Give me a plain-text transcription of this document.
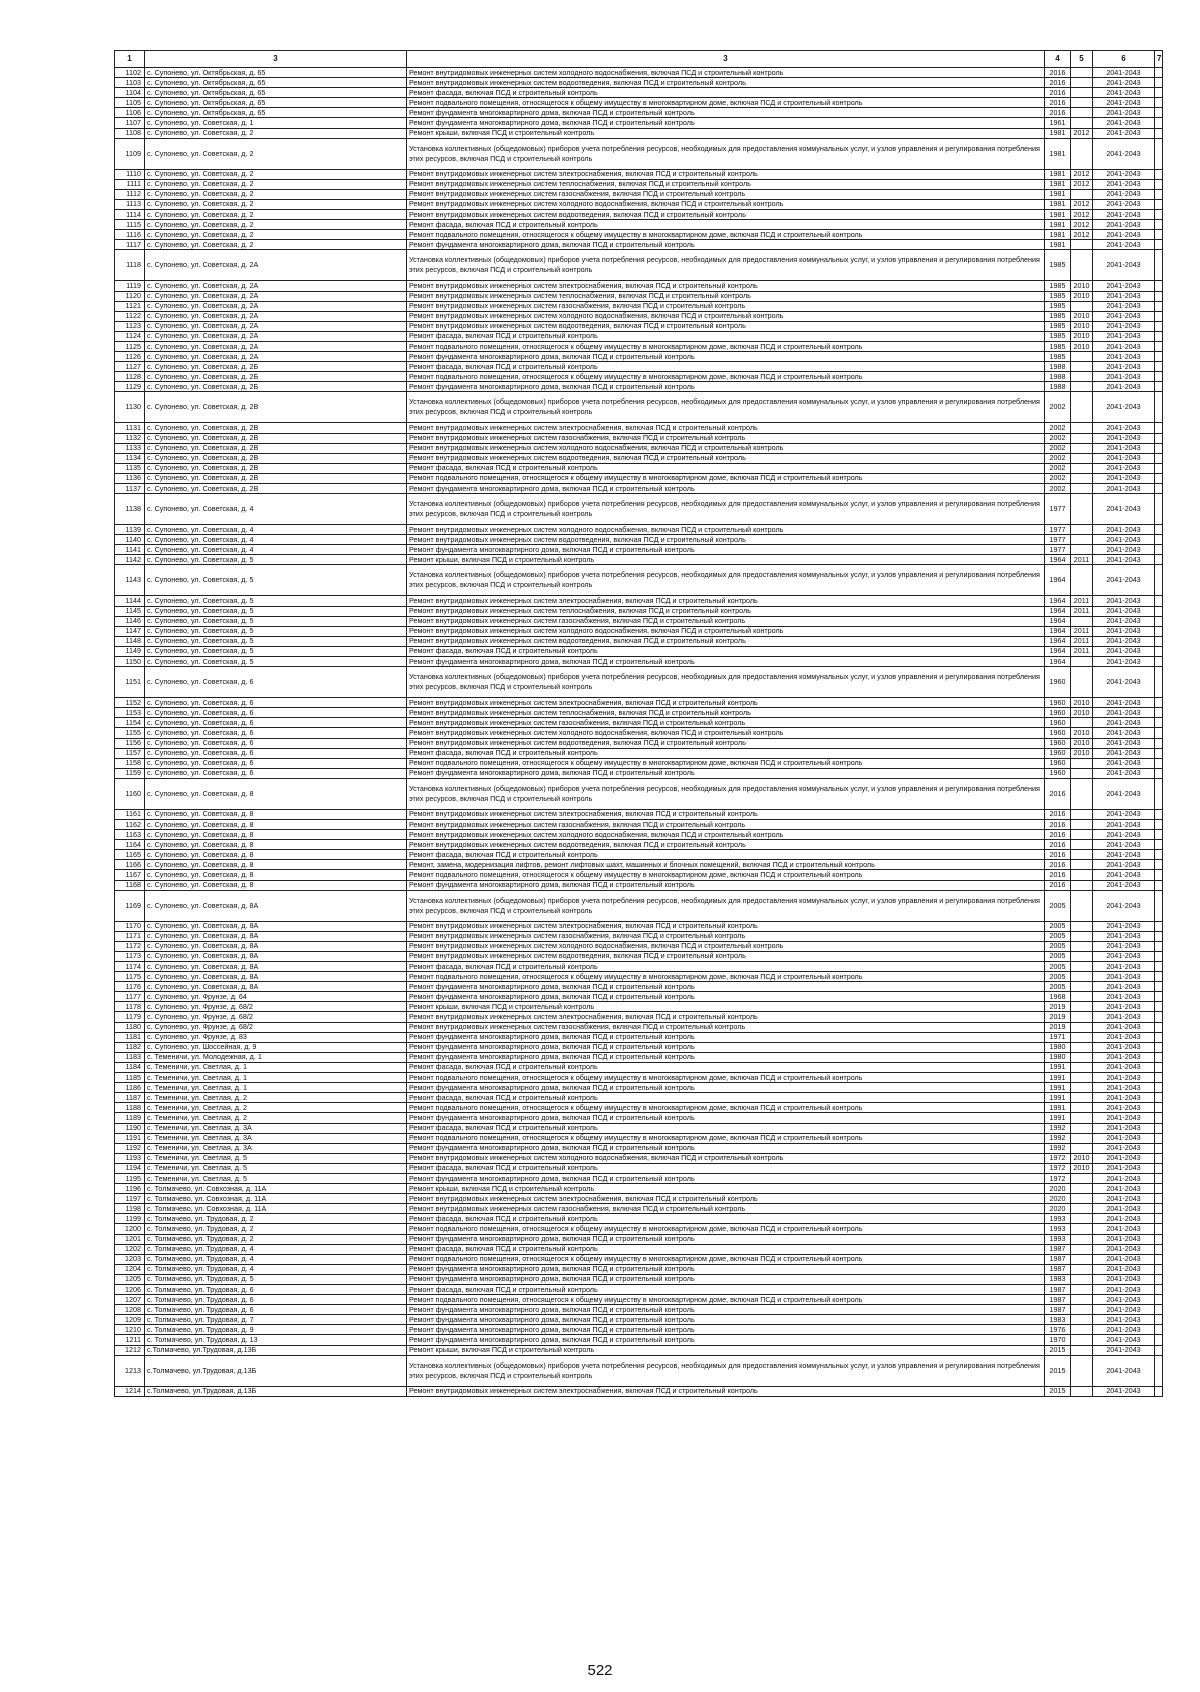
1	3	3	4	5	6	7
1102	с. Супонево, ул. Октябрьская, д. 65	Ремонт внутридомовых инженерных систем холодного водоснабжения, включая ПСД и строительный контроль	2016		2041-2043	
1103	с. Супонево, ул. Октябрьская, д. 65	Ремонт внутридомовых инженерных систем водоотведения, включая ПСД и строительный контроль	2016		2041-2043	
1104	с. Супонево, ул. Октябрьская, д. 65	Ремонт фасада, включая ПСД и строительный контроль	2016		2041-2043	
1105	с. Супонево, ул. Октябрьская, д. 65	Ремонт подвального помещения, относящегося к общему имуществу в многоквартирном доме, включая ПСД и строительный контроль	2016		2041-2043	
1106	с. Супонево, ул. Октябрьская, д. 65	Ремонт фундамента многоквартирного дома, включая ПСД и строительный контроль	2016		2041-2043	
1107	с. Супонево, ул. Советская, д. 1	Ремонт фундамента многоквартирного дома, включая ПСД и строительный контроль	1961		2041-2043	
1108	с. Супонево, ул. Советская, д. 2	Ремонт крыши, включая ПСД и строительный контроль	1981	2012	2041-2043	
1109	с. Супонево, ул. Советская, д. 2	Установка коллективных (общедомовых) приборов учета потребления ресурсов, необходимых для предоставления коммунальных услуг, и узлов управления и регулирования потребления этих ресурсов, включая ПСД и строительный контроль	1981		2041-2043	
1110	с. Супонево, ул. Советская, д. 2	Ремонт внутридомовых инженерных систем электроснабжения, включая ПСД и строительный контроль	1981	2012	2041-2043	
1111	с. Супонево, ул. Советская, д. 2	Ремонт внутридомовых инженерных систем теплоснабжения, включая ПСД и строительный контроль	1981	2012	2041-2043	
1112	с. Супонево, ул. Советская, д. 2	Ремонт внутридомовых инженерных систем газоснабжения, включая ПСД и строительный контроль	1981		2041-2043	
1113	с. Супонево, ул. Советская, д. 2	Ремонт внутридомовых инженерных систем холодного водоснабжения, включая ПСД и строительный контроль	1981	2012	2041-2043	
1114	с. Супонево, ул. Советская, д. 2	Ремонт внутридомовых инженерных систем водоотведения, включая ПСД и строительный контроль	1981	2012	2041-2043	
1115	с. Супонево, ул. Советская, д. 2	Ремонт фасада, включая ПСД и строительный контроль	1981	2012	2041-2043	
1116	с. Супонево, ул. Советская, д. 2	Ремонт подвального помещения, относящегося к общему имуществу в многоквартирном доме, включая ПСД и строительный контроль	1981	2012	2041-2043	
1117	с. Супонево, ул. Советская, д. 2	Ремонт фундамента многоквартирного дома, включая ПСД и строительный контроль	1981		2041-2043	
1118	с. Супонево, ул. Советская, д. 2А	Установка коллективных (общедомовых) приборов учета потребления ресурсов, необходимых для предоставления коммунальных услуг, и узлов управления и регулирования потребления этих ресурсов, включая ПСД и строительный контроль	1985		2041-2043	
1119	с. Супонево, ул. Советская, д. 2А	Ремонт внутридомовых инженерных систем электроснабжения, включая ПСД и строительный контроль	1985	2010	2041-2043	
1120	с. Супонево, ул. Советская, д. 2А	Ремонт внутридомовых инженерных систем теплоснабжения, включая ПСД и строительный контроль	1985	2010	2041-2043	
1121	с. Супонево, ул. Советская, д. 2А	Ремонт внутридомовых инженерных систем газоснабжения, включая ПСД и строительный контроль	1985		2041-2043	
1122	с. Супонево, ул. Советская, д. 2А	Ремонт внутридомовых инженерных систем холодного водоснабжения, включая ПСД и строительный контроль	1985	2010	2041-2043	
1123	с. Супонево, ул. Советская, д. 2А	Ремонт внутридомовых инженерных систем водоотведения, включая ПСД и строительный контроль	1985	2010	2041-2043	
1124	с. Супонево, ул. Советская, д. 2А	Ремонт фасада, включая ПСД и строительный контроль	1985	2010	2041-2043	
1125	с. Супонево, ул. Советская, д. 2А	Ремонт подвального помещения, относящегося к общему имуществу в многоквартирном доме, включая ПСД и строительный контроль	1985	2010	2041-2043	
1126	с. Супонево, ул. Советская, д. 2А	Ремонт фундамента многоквартирного дома, включая ПСД и строительный контроль	1985		2041-2043	
1127	с. Супонево, ул. Советская, д. 2Б	Ремонт фасада, включая ПСД и строительный контроль	1988		2041-2043	
1128	с. Супонево, ул. Советская, д. 2Б	Ремонт подвального помещения, относящегося к общему имуществу в многоквартирном доме, включая ПСД и строительный контроль	1988		2041-2043	
1129	с. Супонево, ул. Советская, д. 2Б	Ремонт фундамента многоквартирного дома, включая ПСД и строительный контроль	1988		2041-2043	
1130	с. Супонево, ул. Советская, д. 2В	Установка коллективных (общедомовых) приборов учета потребления ресурсов, необходимых для предоставления коммунальных услуг, и узлов управления и регулирования потребления этих ресурсов, включая ПСД и строительный контроль	2002		2041-2043	
1131	с. Супонево, ул. Советская, д. 2В	Ремонт внутридомовых инженерных систем электроснабжения, включая ПСД и строительный контроль	2002		2041-2043	
1132	с. Супонево, ул. Советская, д. 2В	Ремонт внутридомовых инженерных систем газоснабжения, включая ПСД и строительный контроль	2002		2041-2043	
1133	с. Супонево, ул. Советская, д. 2В	Ремонт внутридомовых инженерных систем холодного водоснабжения, включая ПСД и строительный контроль	2002		2041-2043	
1134	с. Супонево, ул. Советская, д. 2В	Ремонт внутридомовых инженерных систем водоотведения, включая ПСД и строительный контроль	2002		2041-2043	
1135	с. Супонево, ул. Советская, д. 2В	Ремонт фасада, включая ПСД и строительный контроль	2002		2041-2043	
1136	с. Супонево, ул. Советская, д. 2В	Ремонт подвального помещения, относящегося к общему имуществу в многоквартирном доме, включая ПСД и строительный контроль	2002		2041-2043	
1137	с. Супонево, ул. Советская, д. 2В	Ремонт фундамента многоквартирного дома, включая ПСД и строительный контроль	2002		2041-2043	
1138	с. Супонево, ул. Советская, д. 4	Установка коллективных (общедомовых) приборов учета потребления ресурсов, необходимых для предоставления коммунальных услуг, и узлов управления и регулирования потребления этих ресурсов, включая ПСД и строительный контроль	1977		2041-2043	
1139	с. Супонево, ул. Советская, д. 4	Ремонт внутридомовых инженерных систем холодного водоснабжения, включая ПСД и строительный контроль	1977		2041-2043	
1140	с. Супонево, ул. Советская, д. 4	Ремонт внутридомовых инженерных систем водоотведения, включая ПСД и строительный контроль	1977		2041-2043	
1141	с. Супонево, ул. Советская, д. 4	Ремонт фундамента многоквартирного дома, включая ПСД и строительный контроль	1977		2041-2043	
1142	с. Супонево, ул. Советская, д. 5	Ремонт крыши, включая ПСД и строительный контроль	1964	2011	2041-2043	
1143	с. Супонево, ул. Советская, д. 5	Установка коллективных (общедомовых) приборов учета потребления ресурсов, необходимых для предоставления коммунальных услуг, и узлов управления и регулирования потребления этих ресурсов, включая ПСД и строительный контроль	1964		2041-2043	
1144	с. Супонево, ул. Советская, д. 5	Ремонт внутридомовых инженерных систем электроснабжения, включая ПСД и строительный контроль	1964	2011	2041-2043	
1145	с. Супонево, ул. Советская, д. 5	Ремонт внутридомовых инженерных систем теплоснабжения, включая ПСД и строительный контроль	1964	2011	2041-2043	
1146	с. Супонево, ул. Советская, д. 5	Ремонт внутридомовых инженерных систем газоснабжения, включая ПСД и строительный контроль	1964		2041-2043	
1147	с. Супонево, ул. Советская, д. 5	Ремонт внутридомовых инженерных систем холодного водоснабжения, включая ПСД и строительный контроль	1964	2011	2041-2043	
1148	с. Супонево, ул. Советская, д. 5	Ремонт внутридомовых инженерных систем водоотведения, включая ПСД и строительный контроль	1964	2011	2041-2043	
1149	с. Супонево, ул. Советская, д. 5	Ремонт фасада, включая ПСД и строительный контроль	1964	2011	2041-2043	
1150	с. Супонево, ул. Советская, д. 5	Ремонт фундамента многоквартирного дома, включая ПСД и строительный контроль	1964		2041-2043	
1151	с. Супонево, ул. Советская, д. 6	Установка коллективных (общедомовых) приборов учета потребления ресурсов, необходимых для предоставления коммунальных услуг, и узлов управления и регулирования потребления этих ресурсов, включая ПСД и строительный контроль	1960		2041-2043	
1152	с. Супонево, ул. Советская, д. 6	Ремонт внутридомовых инженерных систем электроснабжения, включая ПСД и строительный контроль	1960	2010	2041-2043	
1153	с. Супонево, ул. Советская, д. 6	Ремонт внутридомовых инженерных систем теплоснабжения, включая ПСД и строительный контроль	1960	2010	2041-2043	
1154	с. Супонево, ул. Советская, д. 6	Ремонт внутридомовых инженерных систем газоснабжения, включая ПСД и строительный контроль	1960		2041-2043	
1155	с. Супонево, ул. Советская, д. 6	Ремонт внутридомовых инженерных систем холодного водоснабжения, включая ПСД и строительный контроль	1960	2010	2041-2043	
1156	с. Супонево, ул. Советская, д. 6	Ремонт внутридомовых инженерных систем водоотведения, включая ПСД и строительный контроль	1960	2010	2041-2043	
1157	с. Супонево, ул. Советская, д. 6	Ремонт фасада, включая ПСД и строительный контроль	1960	2010	2041-2043	
1158	с. Супонево, ул. Советская, д. 6	Ремонт подвального помещения, относящегося к общему имуществу в многоквартирном доме, включая ПСД и строительный контроль	1960		2041-2043	
1159	с. Супонево, ул. Советская, д. 6	Ремонт фундамента многоквартирного дома, включая ПСД и строительный контроль	1960		2041-2043	
1160	с. Супонево, ул. Советская, д. 8	Установка коллективных (общедомовых) приборов учета потребления ресурсов, необходимых для предоставления коммунальных услуг, и узлов управления и регулирования потребления этих ресурсов, включая ПСД и строительный контроль	2016		2041-2043	
1161	с. Супонево, ул. Советская, д. 8	Ремонт внутридомовых инженерных систем электроснабжения, включая ПСД и строительный контроль	2016		2041-2043	
1162	с. Супонево, ул. Советская, д. 8	Ремонт внутридомовых инженерных систем газоснабжения, включая ПСД и строительный контроль	2016		2041-2043	
1163	с. Супонево, ул. Советская, д. 8	Ремонт внутридомовых инженерных систем холодного водоснабжения, включая ПСД и строительный контроль	2016		2041-2043	
1164	с. Супонево, ул. Советская, д. 8	Ремонт внутридомовых инженерных систем водоотведения, включая ПСД и строительный контроль	2016		2041-2043	
1165	с. Супонево, ул. Советская, д. 8	Ремонт фасада, включая ПСД и строительный контроль	2016		2041-2043	
1166	с. Супонево, ул. Советская, д. 8	Ремонт, замена, модернизация лифтов, ремонт лифтовых шахт, машинных и блочных помещений, включая ПСД и строительный контроль	2016		2041-2043	
1167	с. Супонево, ул. Советская, д. 8	Ремонт подвального помещения, относящегося к общему имуществу в многоквартирном доме, включая ПСД и строительный контроль	2016		2041-2043	
1168	с. Супонево, ул. Советская, д. 8	Ремонт фундамента многоквартирного дома, включая ПСД и строительный контроль	2016		2041-2043	
1169	с. Супонево, ул. Советская, д. 8А	Установка коллективных (общедомовых) приборов учета потребления ресурсов, необходимых для предоставления коммунальных услуг, и узлов управления и регулирования потребления этих ресурсов, включая ПСД и строительный контроль	2005		2041-2043	
1170	с. Супонево, ул. Советская, д. 8А	Ремонт внутридомовых инженерных систем электроснабжения, включая ПСД и строительный контроль	2005		2041-2043	
1171	с. Супонево, ул. Советская, д. 8А	Ремонт внутридомовых инженерных систем газоснабжения, включая ПСД и строительный контроль	2005		2041-2043	
1172	с. Супонево, ул. Советская, д. 8А	Ремонт внутридомовых инженерных систем холодного водоснабжения, включая ПСД и строительный контроль	2005		2041-2043	
1173	с. Супонево, ул. Советская, д. 8А	Ремонт внутридомовых инженерных систем водоотведения, включая ПСД и строительный контроль	2005		2041-2043	
1174	с. Супонево, ул. Советская, д. 8А	Ремонт фасада, включая ПСД и строительный контроль	2005		2041-2043	
1175	с. Супонево, ул. Советская, д. 8А	Ремонт подвального помещения, относящегося к общему имуществу в многоквартирном доме, включая ПСД и строительный контроль	2005		2041-2043	
1176	с. Супонево, ул. Советская, д. 8А	Ремонт фундамента многоквартирного дома, включая ПСД и строительный контроль	2005		2041-2043	
1177	с. Супонево, ул. Фрунзе, д. 64	Ремонт фундамента многоквартирного дома, включая ПСД и строительный контроль	1968		2041-2043	
1178	с. Супонево, ул. Фрунзе, д. 68/2	Ремонт крыши, включая ПСД и строительный контроль	2019		2041-2043	
1179	с. Супонево, ул. Фрунзе, д. 68/2	Ремонт внутридомовых инженерных систем электроснабжения, включая ПСД и строительный контроль	2019		2041-2043	
1180	с. Супонево, ул. Фрунзе, д. 68/2	Ремонт внутридомовых инженерных систем газоснабжения, включая ПСД и строительный контроль	2019		2041-2043	
1181	с. Супонево, ул. Фрунзе, д. 83	Ремонт фундамента многоквартирного дома, включая ПСД и строительный контроль	1971		2041-2043	
1182	с. Супонево, ул. Шоссейная, д. 9	Ремонт фундамента многоквартирного дома, включая ПСД и строительный контроль	1980		2041-2043	
1183	с. Теменичи, ул. Молодежная, д. 1	Ремонт фундамента многоквартирного дома, включая ПСД и строительный контроль	1980		2041-2043	
1184	с. Теменичи, ул. Светлая, д. 1	Ремонт фасада, включая ПСД и строительный контроль	1991		2041-2043	
1185	с. Теменичи, ул. Светлая, д. 1	Ремонт подвального помещения, относящегося к общему имуществу в многоквартирном доме, включая ПСД и строительный контроль	1991		2041-2043	
1186	с. Теменичи, ул. Светлая, д. 1	Ремонт фундамента многоквартирного дома, включая ПСД и строительный контроль	1991		2041-2043	
1187	с. Теменичи, ул. Светлая, д. 2	Ремонт фасада, включая ПСД и строительный контроль	1991		2041-2043	
1188	с. Теменичи, ул. Светлая, д. 2	Ремонт подвального помещения, относящегося к общему имуществу в многоквартирном доме, включая ПСД и строительный контроль	1991		2041-2043	
1189	с. Теменичи, ул. Светлая, д. 2	Ремонт фундамента многоквартирного дома, включая ПСД и строительный контроль	1991		2041-2043	
1190	с. Теменичи, ул. Светлая, д. 3А	Ремонт фасада, включая ПСД и строительный контроль	1992		2041-2043	
1191	с. Теменичи, ул. Светлая, д. 3А	Ремонт подвального помещения, относящегося к общему имуществу в многоквартирном доме, включая ПСД и строительный контроль	1992		2041-2043	
1192	с. Теменичи, ул. Светлая, д. 3А	Ремонт фундамента многоквартирного дома, включая ПСД и строительный контроль	1992		2041-2043	
1193	с. Теменичи, ул. Светлая, д. 5	Ремонт внутридомовых инженерных систем холодного водоснабжения, включая ПСД и строительный контроль	1972	2010	2041-2043	
1194	с. Теменичи, ул. Светлая, д. 5	Ремонт фасада, включая ПСД и строительный контроль	1972	2010	2041-2043	
1195	с. Теменичи, ул. Светлая, д. 5	Ремонт фундамента многоквартирного дома, включая ПСД и строительный контроль	1972		2041-2043	
1196	с. Толмачево, ул. Совхозная, д. 11А	Ремонт крыши, включая ПСД и строительный контроль	2020		2041-2043	
1197	с. Толмачево, ул. Совхозная, д. 11А	Ремонт внутридомовых инженерных систем электроснабжения, включая ПСД и строительный контроль	2020		2041-2043	
1198	с. Толмачево, ул. Совхозная, д. 11А	Ремонт внутридомовых инженерных систем газоснабжения, включая ПСД и строительный контроль	2020		2041-2043	
1199	с. Толмачево, ул. Трудовая, д. 2	Ремонт фасада, включая ПСД и строительный контроль	1993		2041-2043	
1200	с. Толмачево, ул. Трудовая, д. 2	Ремонт подвального помещения, относящегося к общему имуществу в многоквартирном доме, включая ПСД и строительный контроль	1993		2041-2043	
1201	с. Толмачево, ул. Трудовая, д. 2	Ремонт фундамента многоквартирного дома, включая ПСД и строительный контроль	1993		2041-2043	
1202	с. Толмачево, ул. Трудовая, д. 4	Ремонт фасада, включая ПСД и строительный контроль	1987		2041-2043	
1203	с. Толмачево, ул. Трудовая, д. 4	Ремонт подвального помещения, относящегося к общему имуществу в многоквартирном доме, включая ПСД и строительный контроль	1987		2041-2043	
1204	с. Толмачево, ул. Трудовая, д. 4	Ремонт фундамента многоквартирного дома, включая ПСД и строительный контроль	1987		2041-2043	
1205	с. Толмачево, ул. Трудовая, д. 5	Ремонт фундамента многоквартирного дома, включая ПСД и строительный контроль	1983		2041-2043	
1206	с. Толмачево, ул. Трудовая, д. 6	Ремонт фасада, включая ПСД и строительный контроль	1987		2041-2043	
1207	с. Толмачево, ул. Трудовая, д. 6	Ремонт подвального помещения, относящегося к общему имуществу в многоквартирном доме, включая ПСД и строительный контроль	1987		2041-2043	
1208	с. Толмачево, ул. Трудовая, д. 6	Ремонт фундамента многоквартирного дома, включая ПСД и строительный контроль	1987		2041-2043	
1209	с. Толмачево, ул. Трудовая, д. 7	Ремонт фундамента многоквартирного дома, включая ПСД и строительный контроль	1983		2041-2043	
1210	с. Толмачево, ул. Трудовая, д. 9	Ремонт фундамента многоквартирного дома, включая ПСД и строительный контроль	1976		2041-2043	
1211	с. Толмачево, ул. Трудовая, д. 13	Ремонт фундамента многоквартирного дома, включая ПСД и строительный контроль	1970		2041-2043	
1212	с.Толмачево, ул.Трудовая, д.13Б	Ремонт крыши, включая ПСД и строительный контроль	2015		2041-2043	
1213	с.Толмачево, ул.Трудовая, д.13Б	Установка коллективных (общедомовых) приборов учета потребления ресурсов, необходимых для предоставления коммунальных услуг, и узлов управления и регулирования потребления этих ресурсов, включая ПСД и строительный контроль	2015		2041-2043	
1214	с.Толмачево, ул.Трудовая, д.13Б	Ремонт внутридомовых инженерных систем электроснабжения, включая ПСД и строительный контроль	2015		2041-2043	
522
